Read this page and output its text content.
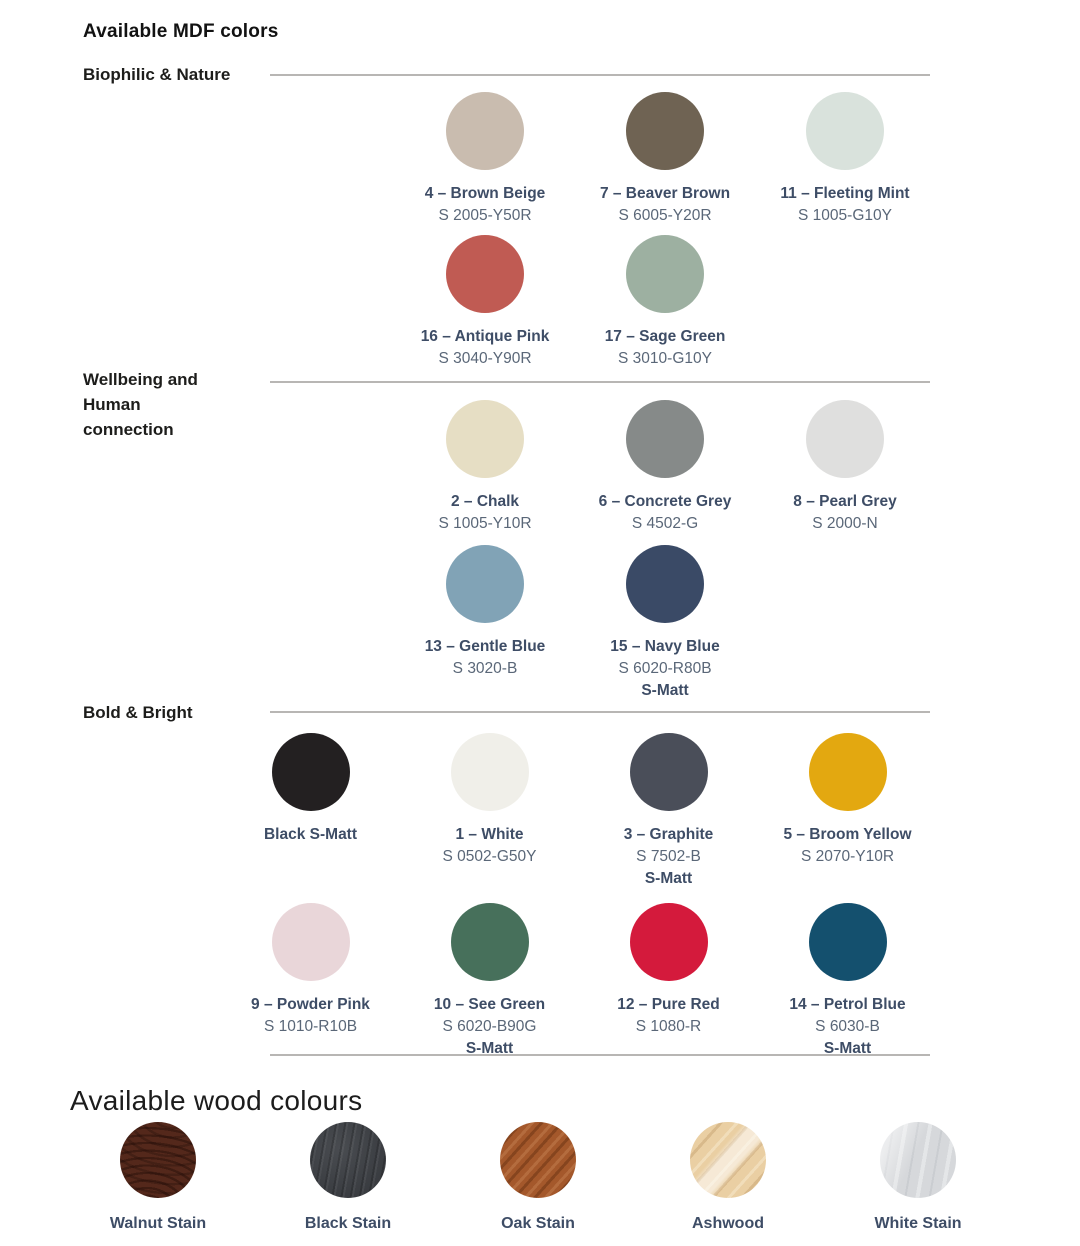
Available MDF colors
Biophilic & Nature
4 – Brown Beige
S 2005-Y50R
7 – Beaver Brown
S 6005-Y20R
11 – Fleeting Mint
S 1005-G10Y
16 – Antique Pink
S 3040-Y90R
17 – Sage Green
S 3010-G10Y
Wellbeing and Human connection
2 – Chalk
S 1005-Y10R
6 – Concrete Grey
S 4502-G
8 – Pearl Grey
S 2000-N
13 – Gentle Blue
S 3020-B
15 – Navy Blue
S 6020-R80B
S-Matt
Bold & Bright
Black S-Matt	1 – White
S 0502-G50Y
3 – Graphite
S 7502-B
S-Matt
5 – Broom Yellow
S 2070-Y10R
9 – Powder Pink
S 1010-R10B
10 – See Green
S 6020-B90G
S-Matt
12 – Pure Red
S 1080-R
14 – Petrol Blue
S 6030-B
S-Matt
Available wood colours
Walnut Stain	Black Stain	Oak Stain	Ashwood	White Stain
